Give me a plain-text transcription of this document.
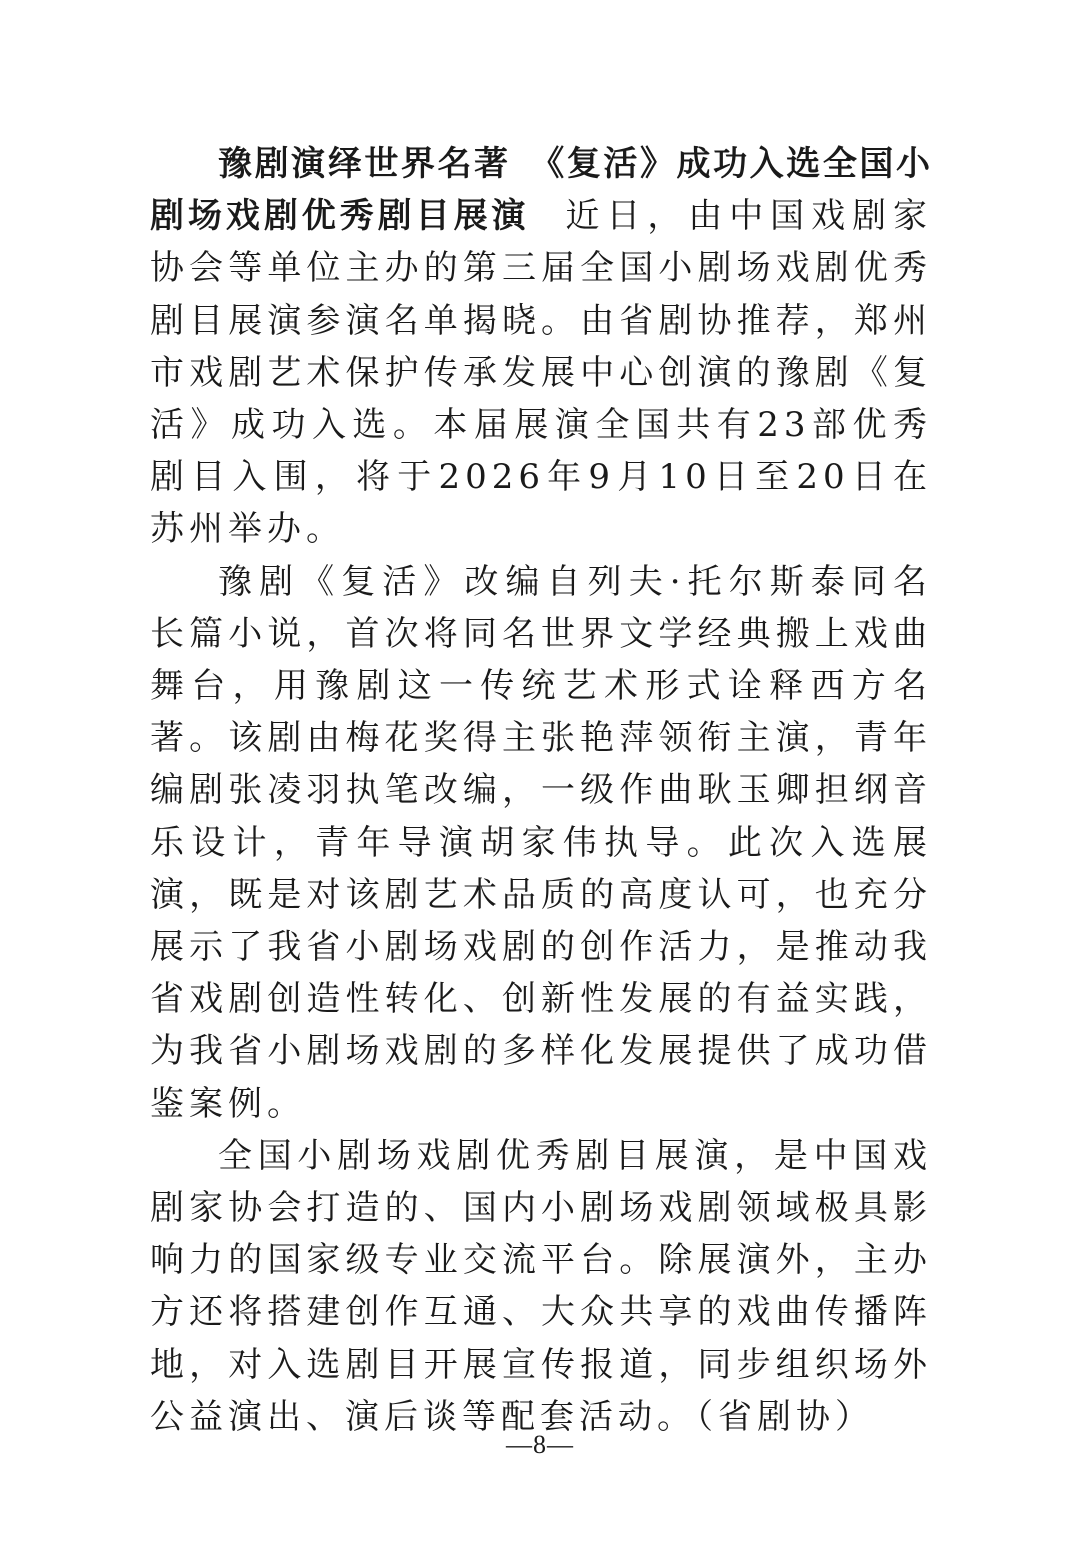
豫剧演绎世界名著　《复活》成功入选全国小剧场戏剧优秀剧目展演 近日，由中国戏剧家协会等单位主办的第三届全国小剧场戏剧优秀剧目展演参演名单揭晓。由省剧协推荐，郑州市戏剧艺术保护传承发展中心创演的豫剧《复活》成功入选。本届展演全国共有23部优秀剧目入围，将于2026年9月10日至20日在苏州举办。

豫剧《复活》改编自列夫·托尔斯泰同名长篇小说，首次将同名世界文学经典搬上戏曲舞台，用豫剧这一传统艺术形式诠释西方名著。该剧由梅花奖得主张艳萍领衔主演，青年编剧张凌羽执笔改编，一级作曲耿玉卿担纲音乐设计，青年导演胡家伟执导。此次入选展演，既是对该剧艺术品质的高度认可，也充分展示了我省小剧场戏剧的创作活力，是推动我省戏剧创造性转化、创新性发展的有益实践，为我省小剧场戏剧的多样化发展提供了成功借鉴案例。

全国小剧场戏剧优秀剧目展演，是中国戏剧家协会打造的、国内小剧场戏剧领域极具影响力的国家级专业交流平台。除展演外，主办方还将搭建创作互通、大众共享的戏曲传播阵地，对入选剧目开展宣传报道，同步组织场外公益演出、演后谈等配套活动。（省剧协）

—8—
